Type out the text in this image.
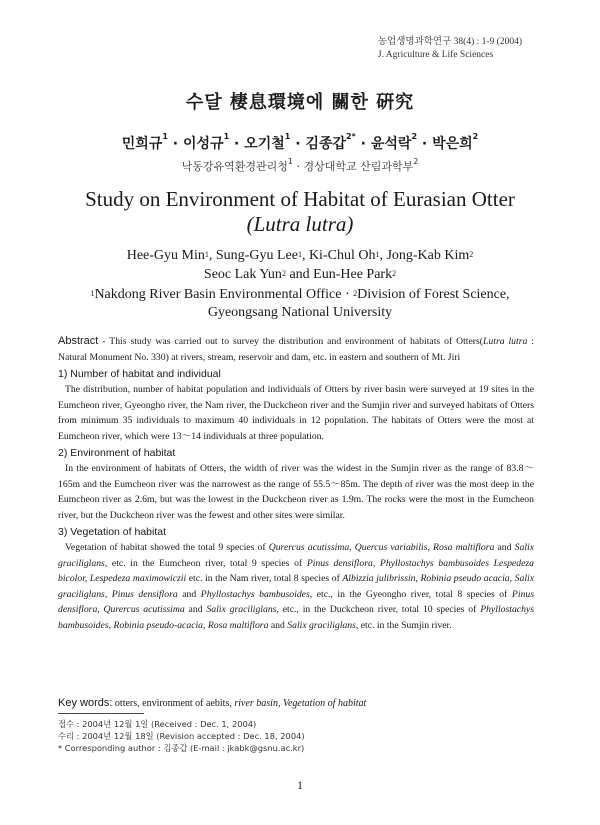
농업생명과학연구 38(4) : 1-9 (2004)
J. Agriculture & Life Sciences
수달 棲息環境에 關한 硏究
민희규$^1$ · 이성규$^1$ · 오기철$^1$ · 김종갑$^{2*}$ · 윤석락$^2$ · 박은희$^2$
낙동강유역환경관리청$^1$ · 경상대학교 산림과학부$^2$
Study on Environment of Habitat of Eurasian Otter
(Lutra lutra)
Hee-Gyu Min$^1$, Sung-Gyu Lee$^1$, Ki-Chul Oh$^1$, Jong-Kab Kim$^2$
Seoc Lak Yun$^2$ and Eun-Hee Park$^2$
$^1$Nakdong River Basin Environmental Office · $^2$Division of Forest Science,
Gyeongsang National University

Abstract - This study was carried out to survey the distribution and environment of habitats of Otters(Lutra lutra : Natural Monument No. 330) at rivers, stream, reservoir and dam, etc. in eastern and southern of Mt. Jiri

1) Number of habitat and individual

The distribution, number of habitat population and individuals of Otters by river basin were surveyed at 19 sites in the Eumcheon river, Gyeongho river, the Nam river, the Duckcheon river and the Sumjin river and surveyed habitats of Otters from minimum 35 individuals to maximum 40 individuals in 12 population. The habitats of Otters were the most at Eumcheon river, which were 13～14 individuals at three population.

2) Environment of habitat

In the environment of habitats of Otters, the width of river was the widest in the Sumjin river as the range of 83.8～165m and the Eumcheon river was the narrowest as the range of 55.5～85m. The depth of river was the most deep in the Eumcheon river as 2.6m, but was the lowest in the Duckcheon river as 1.9m. The rocks were the most in the Eumcheon river, but the Duckcheon river was the fewest and other sites were similar.

3) Vegetation of habitat

Vegetation of habitat showed the total 9 species of Qurercus acutissima, Quercus variabilis, Rosa maltiflora and Salix graciliglans, etc. in the Eumcheon river, total 9 species of Pinus densiflora, Phyllostachys bambusoides Lespedeza bicolor, Lespedeza maximowiczii etc. in the Nam river, total 8 species of Albizzia julibrissin, Robinia pseudo acacia, Salix graciliglans, Pinus densiflora and Phyllostachys bambusoides, etc., in the Gyeongho river, total 8 species of Pinus densiflora, Qurercus acutissima and Salix graciliglans, etc., in the Duckcheon river, total 10 species of Phyllostachys bambusoides, Robinia pseudo-acacia, Rosa maltiflora and Salix graciliglans, etc. in the Sumjin river.

Key words: otters, environment of aebits, river basin, Vegetation of habitat
접수 : 2004년 12월 1일 (Received : Dec. 1, 2004)
수리 : 2004년 12월 18일 (Revision accepted : Dec. 18, 2004)
* Corresponding author : 김종갑 (E-mail : jkabk@gsnu.ac.kr)
1
